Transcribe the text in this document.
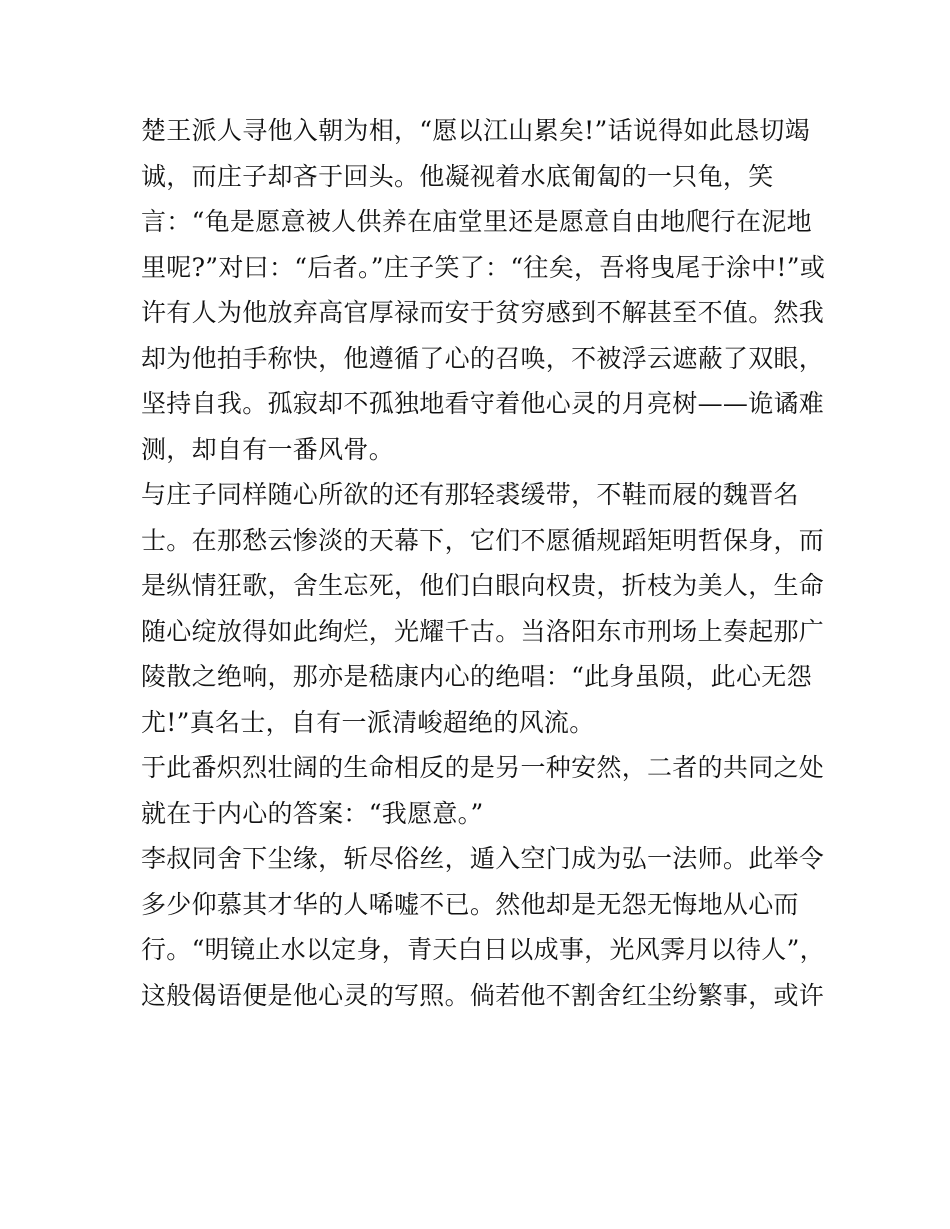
楚王派人寻他入朝为相，“愿以江山累矣!”话说得如此恳切竭
诚，而庄子却吝于回头。他凝视着水底匍匐的一只龟，笑
言：“龟是愿意被人供养在庙堂里还是愿意自由地爬行在泥地
里呢?”对曰：“后者。”庄子笑了：“往矣，吾将曳尾于涂中!”或
许有人为他放弃高官厚禄而安于贫穷感到不解甚至不值。然我
却为他拍手称快，他遵循了心的召唤，不被浮云遮蔽了双眼，
坚持自我。孤寂却不孤独地看守着他心灵的月亮树——诡谲难
测，却自有一番风骨。
与庄子同样随心所欲的还有那轻裘缓带，不鞋而屐的魏晋名
士。在那愁云惨淡的天幕下，它们不愿循规蹈矩明哲保身，而
是纵情狂歌，舍生忘死，他们白眼向权贵，折枝为美人，生命
随心绽放得如此绚烂，光耀千古。当洛阳东市刑场上奏起那广
陵散之绝响，那亦是嵇康内心的绝唱：“此身虽陨，此心无怨
尤!”真名士，自有一派清峻超绝的风流。
于此番炽烈壮阔的生命相反的是另一种安然，二者的共同之处
就在于内心的答案：“我愿意。”
李叔同舍下尘缘，斩尽俗丝，遁入空门成为弘一法师。此举令
多少仰慕其才华的人唏嘘不已。然他却是无怨无悔地从心而
行。“明镜止水以定身，青天白日以成事，光风霁月以待人”，
这般偈语便是他心灵的写照。倘若他不割舍红尘纷繁事，或许
